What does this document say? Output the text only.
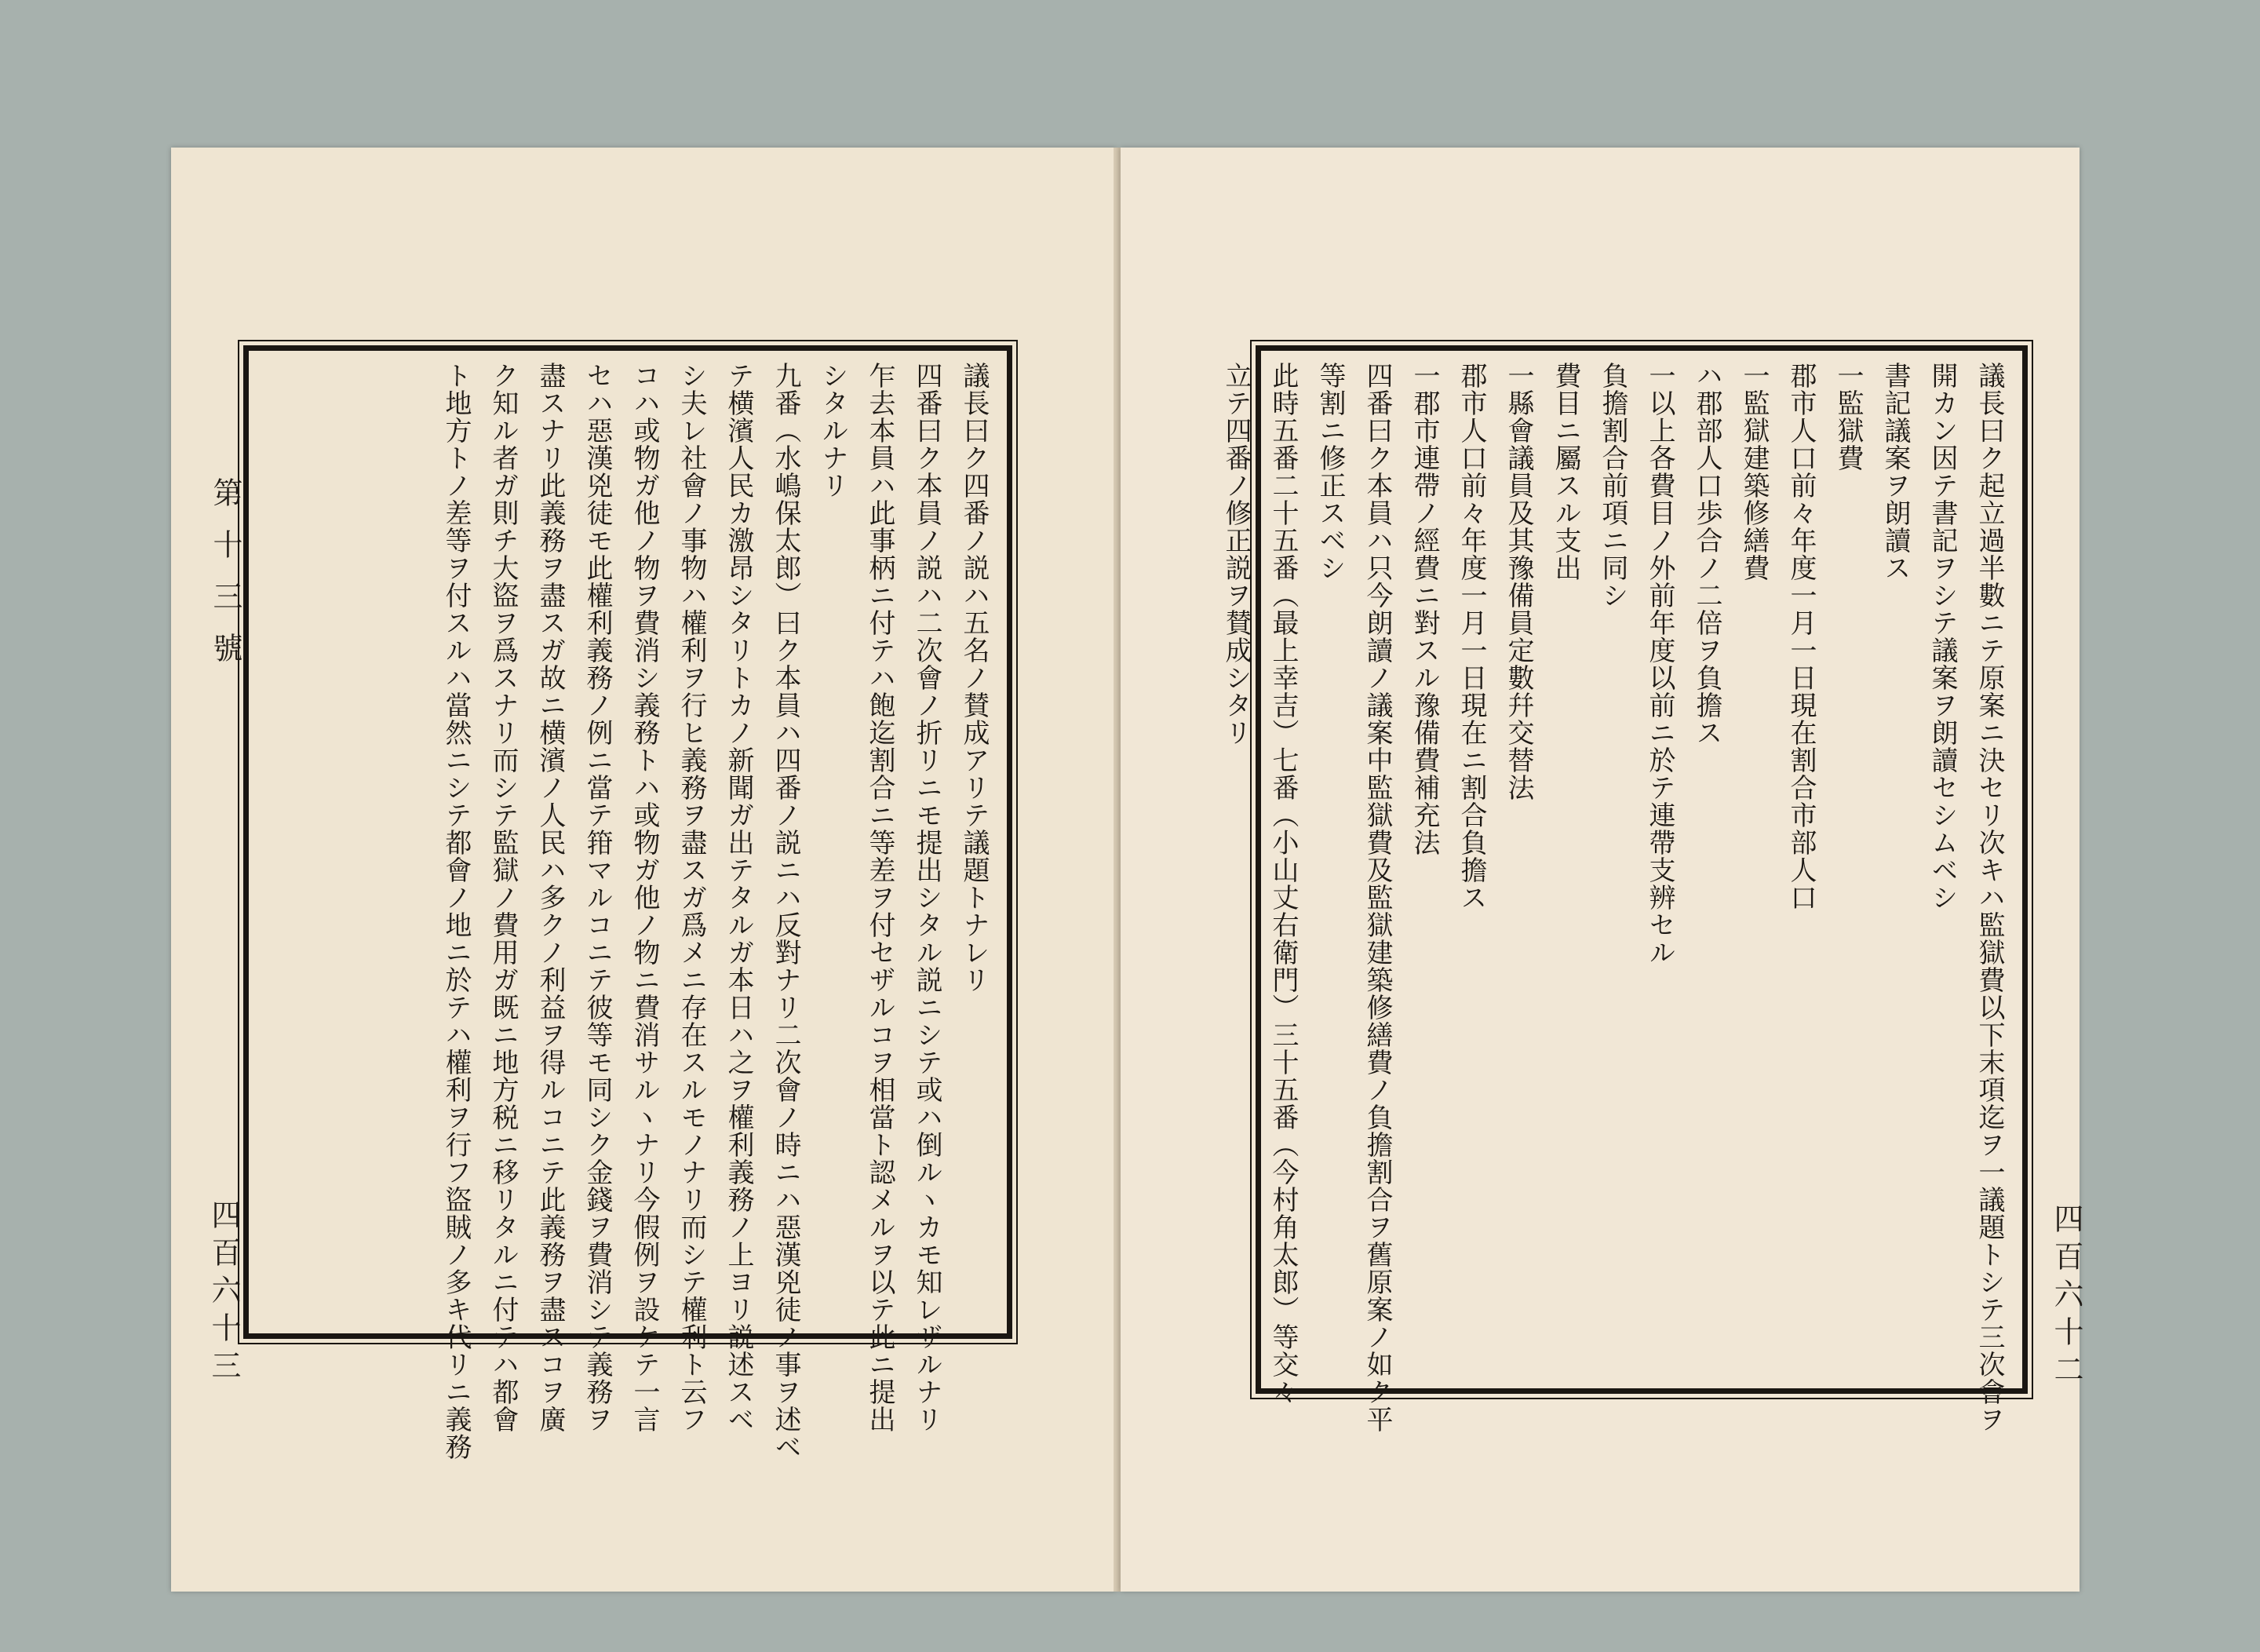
第十三號
四百六十三
議長曰ク四番ノ説ハ五名ノ賛成アリテ議題トナレリ
四番曰ク本員ノ説ハ二次會ノ折リニモ提出シタル説ニシテ或ハ倒ルヽカモ知レザルナリ
乍去本員ハ此事柄ニ付テハ飽迄割合ニ等差ヲ付セザルコヲ相當ト認メルヲ以テ此ニ提出
シタルナリ
九番（水嶋保太郎）曰ク本員ハ四番ノ説ニハ反對ナリ二次會ノ時ニハ惡漢兇徒ノ事ヲ述ベ
テ横濱人民カ激昂シタリトカノ新聞ガ出テタルガ本日ハ之ヲ權利義務ノ上ヨリ説述スベ
シ夫レ社會ノ事物ハ權利ヲ行ヒ義務ヲ盡スガ爲メニ存在スルモノナリ而シテ權利ト云フ
コハ或物ガ他ノ物ヲ費消シ義務トハ或物ガ他ノ物ニ費消サルヽナリ今假例ヲ設ケテ一言
セハ惡漢兇徒モ此權利義務ノ例ニ當テ箝マルコニテ彼等モ同シク金錢ヲ費消シテ義務ヲ
盡スナリ此義務ヲ盡スガ故ニ横濱ノ人民ハ多クノ利益ヲ得ルコニテ此義務ヲ盡スコヲ廣
ク知ル者ガ則チ大盜ヲ爲スナリ而シテ監獄ノ費用ガ既ニ地方税ニ移リタルニ付テハ都會
ト地方トノ差等ヲ付スルハ當然ニシテ都會ノ地ニ於テハ權利ヲ行フ盜賊ノ多キ代リニ義務	四百六十二
議長曰ク起立過半數ニテ原案ニ決セリ次キハ監獄費以下末項迄ヲ一議題トシテ三次會ヲ
開カン因テ書記ヲシテ議案ヲ朗讀セシムベシ
書記議案ヲ朗讀ス
一監獄費
郡市人口前々年度一月一日現在割合市部人口
一監獄建築修繕費
ハ郡部人口歩合ノ二倍ヲ負擔ス
一以上各費目ノ外前年度以前ニ於テ連帶支辨セル
負擔割合前項ニ同シ
費目ニ屬スル支出
一縣會議員及其豫備員定數幷交替法
郡市人口前々年度一月一日現在ニ割合負擔ス
一郡市連帶ノ經費ニ對スル豫備費補充法
四番曰ク本員ハ只今朗讀ノ議案中監獄費及監獄建築修繕費ノ負擔割合ヲ舊原案ノ如ク平
等割ニ修正スベシ
此時五番二十五番（最上幸吉）七番（小山丈右衛門）三十五番（今村角太郎）等交々
立テ四番ノ修正説ヲ賛成シタリ
